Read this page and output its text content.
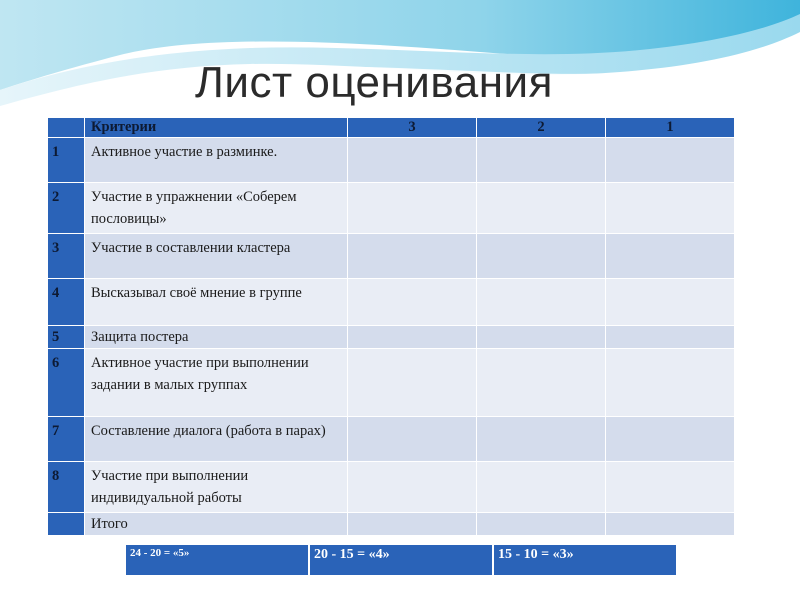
Лист оценивания
	Критерии	3	2	1
1	Активное участие в разминке.			
2	Участие в упражнении «Соберем пословицы»			
3	Участие в составлении кластера			
4	Высказывал своё мнение в группе			
5	Защита постера			
6	Активное участие при выполнении задании в малых группах			
7	Составление диалога (работа в парах)			
8	Участие при выполнении индивидуальной работы			
	Итого			
24 - 20 = «5»	20 - 15 = «4»	15 - 10 = «3»
